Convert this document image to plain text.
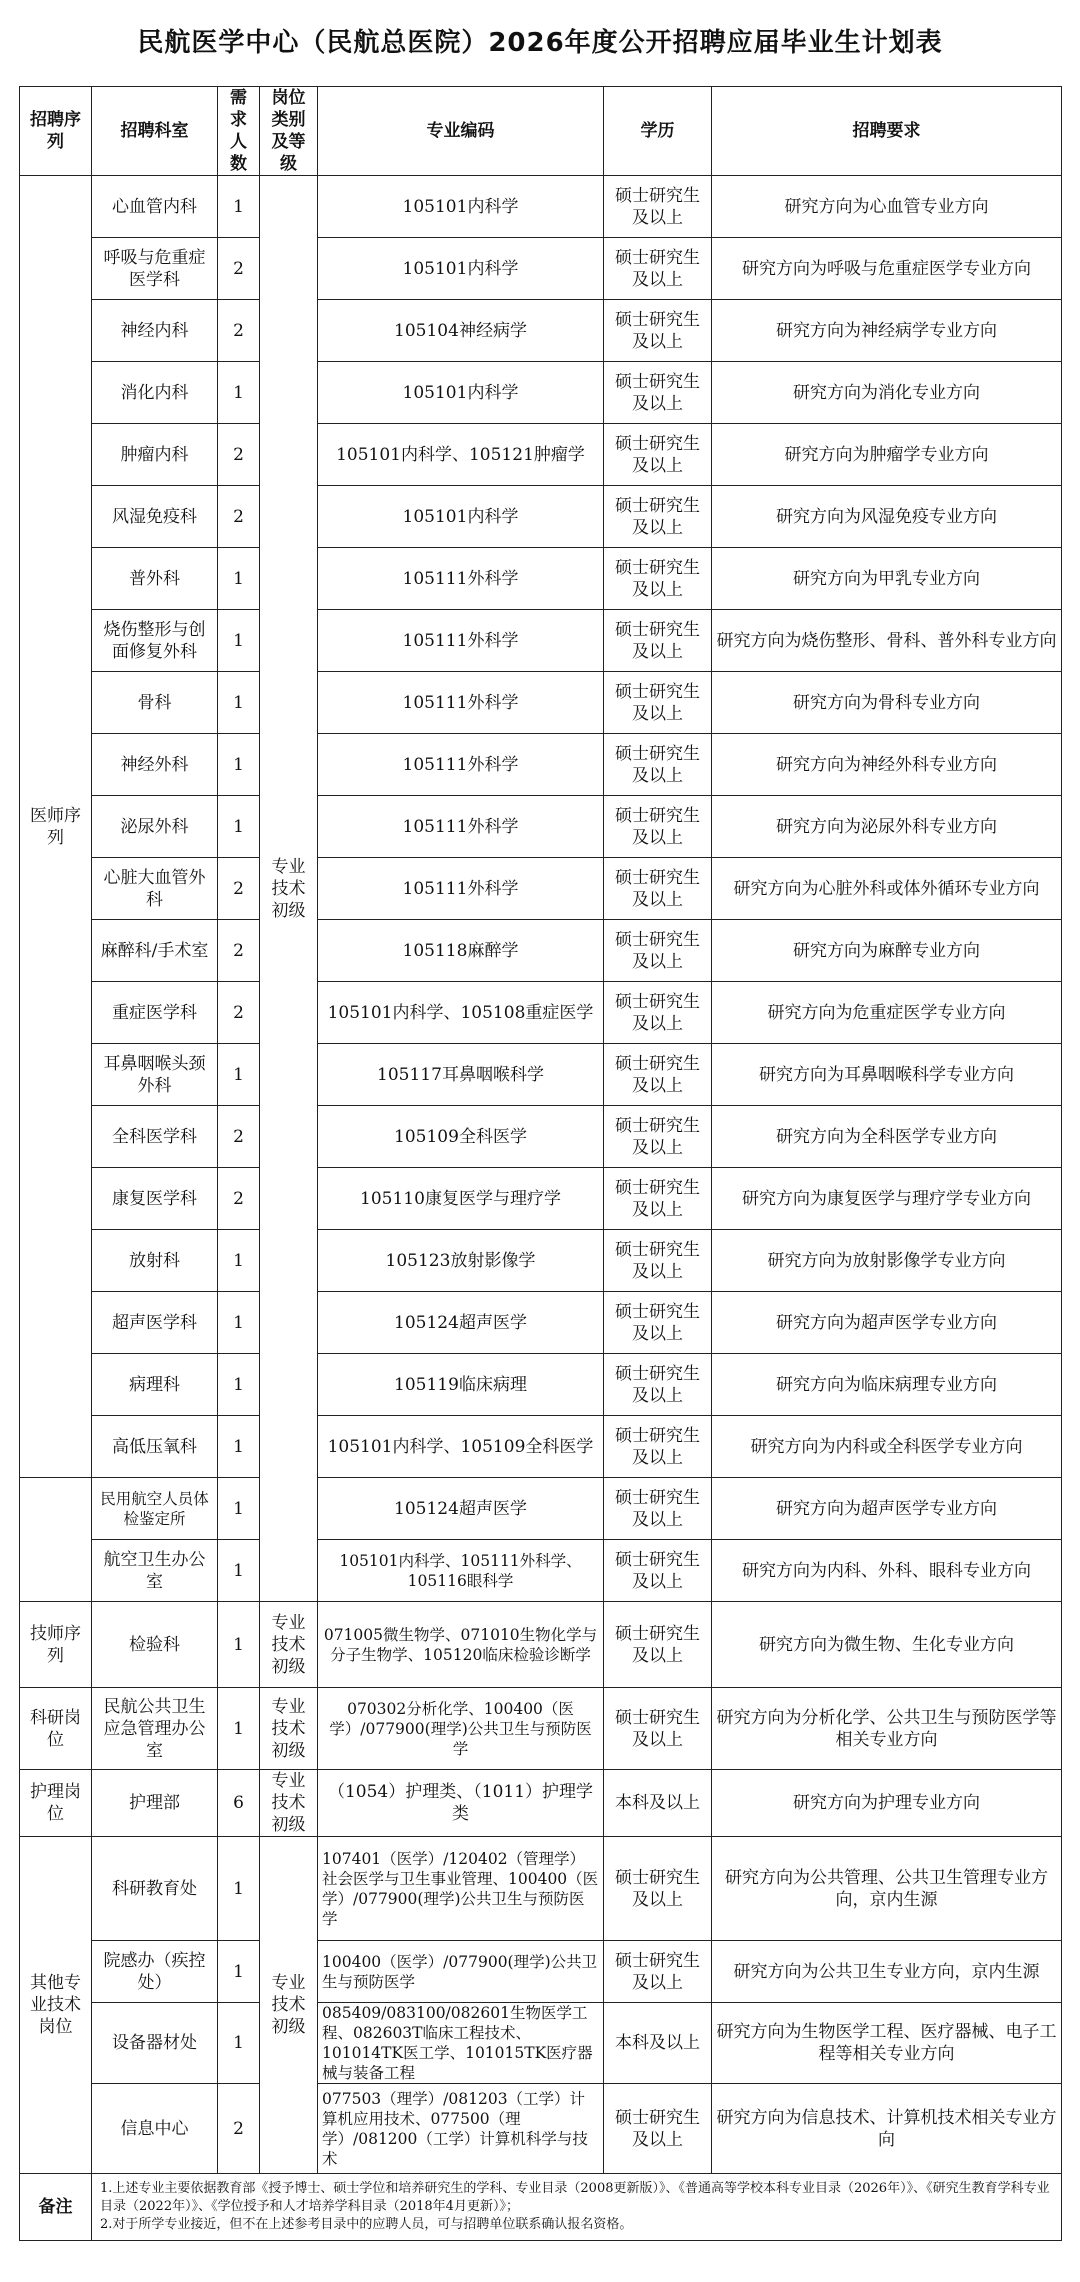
民航医学中心（民航总医院）2026年度公开招聘应届毕业生计划表
招聘序列	招聘科室	需求人数	岗位类别及等级	专业编码	学历	招聘要求
医师序列	心血管内科	1	专业技术初级	105101内科学	硕士研究生及以上	研究方向为心血管专业方向
	呼吸与危重症医学科	2		105101内科学	硕士研究生及以上	研究方向为呼吸与危重症医学专业方向
	神经内科	2		105104神经病学	硕士研究生及以上	研究方向为神经病学专业方向
	消化内科	1		105101内科学	硕士研究生及以上	研究方向为消化专业方向
	肿瘤内科	2		105101内科学、105121肿瘤学	硕士研究生及以上	研究方向为肿瘤学专业方向
	风湿免疫科	2		105101内科学	硕士研究生及以上	研究方向为风湿免疫专业方向
	普外科	1		105111外科学	硕士研究生及以上	研究方向为甲乳专业方向
	烧伤整形与创面修复外科	1		105111外科学	硕士研究生及以上	研究方向为烧伤整形、骨科、普外科专业方向
	骨科	1		105111外科学	硕士研究生及以上	研究方向为骨科专业方向
	神经外科	1		105111外科学	硕士研究生及以上	研究方向为神经外科专业方向
	泌尿外科	1		105111外科学	硕士研究生及以上	研究方向为泌尿外科专业方向
	心脏大血管外科	2		105111外科学	硕士研究生及以上	研究方向为心脏外科或体外循环专业方向
	麻醉科/手术室	2		105118麻醉学	硕士研究生及以上	研究方向为麻醉专业方向
	重症医学科	2		105101内科学、105108重症医学	硕士研究生及以上	研究方向为危重症医学专业方向
	耳鼻咽喉头颈外科	1		105117耳鼻咽喉科学	硕士研究生及以上	研究方向为耳鼻咽喉科学专业方向
	全科医学科	2		105109全科医学	硕士研究生及以上	研究方向为全科医学专业方向
	康复医学科	2		105110康复医学与理疗学	硕士研究生及以上	研究方向为康复医学与理疗学专业方向
	放射科	1		105123放射影像学	硕士研究生及以上	研究方向为放射影像学专业方向
	超声医学科	1		105124超声医学	硕士研究生及以上	研究方向为超声医学专业方向
	病理科	1		105119临床病理	硕士研究生及以上	研究方向为临床病理专业方向
	高低压氧科	1		105101内科学、105109全科医学	硕士研究生及以上	研究方向为内科或全科医学专业方向
	民用航空人员体检鉴定所	1		105124超声医学	硕士研究生及以上	研究方向为超声医学专业方向
	航空卫生办公室	1		105101内科学、105111外科学、105116眼科学	硕士研究生及以上	研究方向为内科、外科、眼科专业方向
技师序列	检验科	1	专业技术初级	071005微生物学、071010生物化学与分子生物学、105120临床检验诊断学	硕士研究生及以上	研究方向为微生物、生化专业方向
科研岗位	民航公共卫生应急管理办公室	1	专业技术初级	070302分析化学、100400（医学）/077900(理学)公共卫生与预防医学	硕士研究生及以上	研究方向为分析化学、公共卫生与预防医学等相关专业方向
护理岗位	护理部	6	专业技术初级	（1054）护理类、（1011）护理学类	本科及以上	研究方向为护理专业方向
其他专业技术岗位	科研教育处	1	专业技术初级	107401（医学）/120402（管理学）社会医学与卫生事业管理、100400（医学）/077900(理学)公共卫生与预防医学	硕士研究生及以上	研究方向为公共管理、公共卫生管理专业方向，京内生源
	院感办（疾控处）	1		100400（医学）/077900(理学)公共卫生与预防医学	硕士研究生及以上	研究方向为公共卫生专业方向，京内生源
	设备器材处	1		085409/083100/082601生物医学工程、082603T临床工程技术、101014TK医工学、101015TK医疗器械与装备工程	本科及以上	研究方向为生物医学工程、医疗器械、电子工程等相关专业方向
	信息中心	2		077503（理学）/081203（工学）计算机应用技术、077500（理学）/081200（工学）计算机科学与技术	硕士研究生及以上	研究方向为信息技术、计算机技术相关专业方向
备注	1.上述专业主要依据教育部《授予博士、硕士学位和培养研究生的学科、专业目录（2008更新版）》、《普通高等学校本科专业目录（2026年）》、《研究生教育学科专业目录（2022年）》、《学位授予和人才培养学科目录（2018年4月更新）》；

2.对于所学专业接近，但不在上述参考目录中的应聘人员，可与招聘单位联系确认报名资格。					
